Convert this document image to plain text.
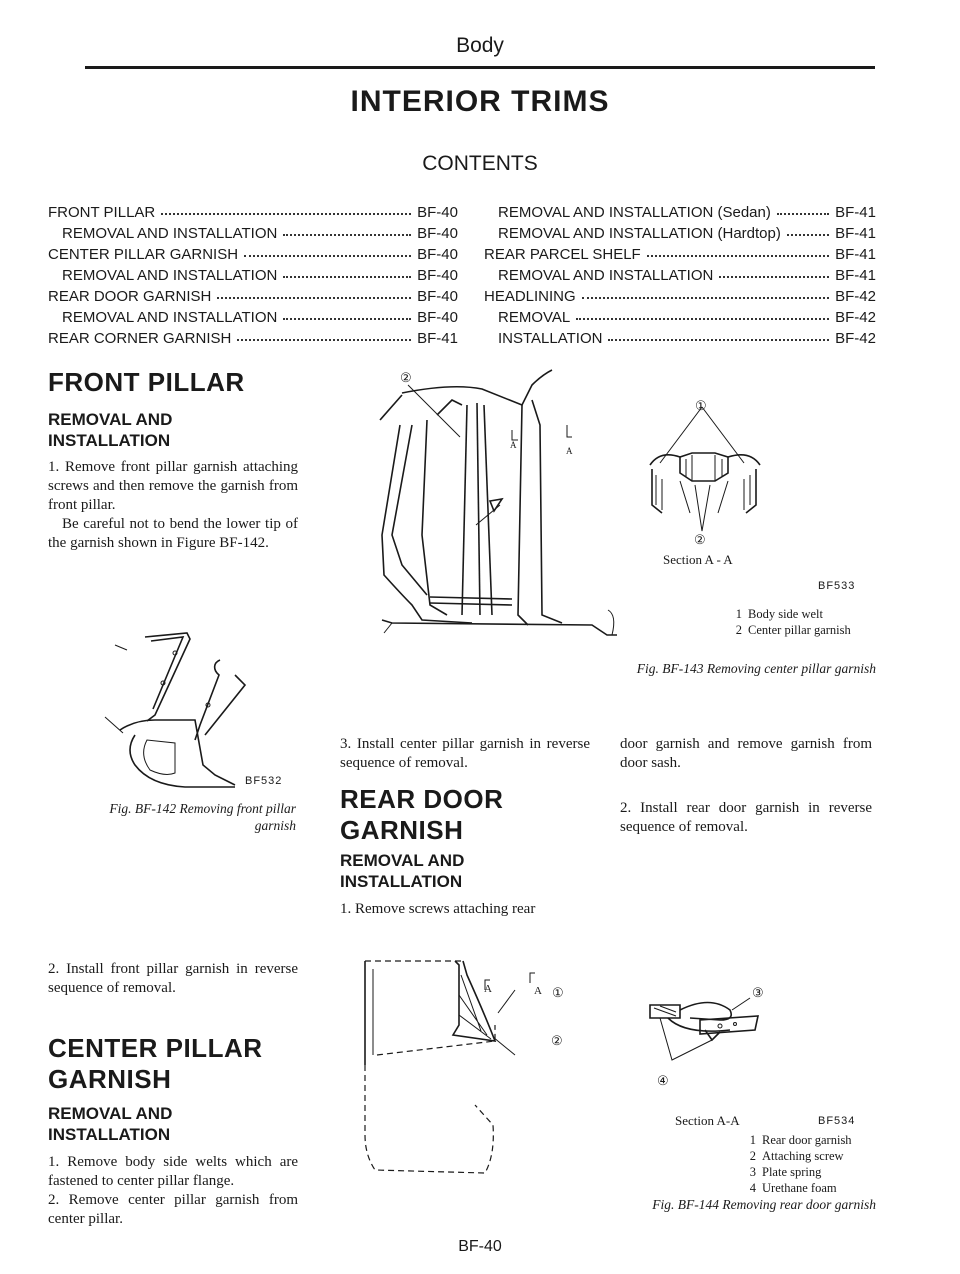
Body
INTERIOR TRIMS
CONTENTS
FRONT PILLAR	BF-40
REMOVAL AND INSTALLATION	BF-40
CENTER PILLAR GARNISH	BF-40
REMOVAL AND INSTALLATION	BF-40
REAR DOOR GARNISH	BF-40
REMOVAL AND INSTALLATION	BF-40
REAR CORNER GARNISH	BF-41
REMOVAL AND INSTALLATION (Sedan)	BF-41
REMOVAL AND INSTALLATION (Hardtop)	BF-41
REAR PARCEL SHELF	BF-41
REMOVAL AND INSTALLATION	BF-41
HEADLINING	BF-42
REMOVAL	BF-42
INSTALLATION	BF-42
FRONT PILLAR
REMOVAL AND
INSTALLATION

1. Remove front pillar garnish attaching screws and then remove the garnish from front pillar.

Be careful not to bend the lower tip of the garnish shown in Figure BF-142.

BF532
Fig. BF-142 Removing front pillar
garnish
2. Install front pillar garnish in reverse sequence of removal.
CENTER PILLAR
GARNISH
REMOVAL AND
INSTALLATION

1. Remove body side welts which are fastened to center pillar flange.

2. Remove center pillar garnish from center pillar.

②
A
A
①
②
Section A - A
BF533
1 Body side welt
2 Center pillar garnish
Fig. BF-143 Removing center pillar garnish
3. Install center pillar garnish in reverse sequence of removal.
REAR DOOR
GARNISH
REMOVAL AND
INSTALLATION
1. Remove screws attaching rear
door garnish and remove garnish from door sash.
2. Install rear door garnish in reverse sequence of removal.
A	A ①
②
③
④
Section A-A	BF534
1 Rear door garnish
2 Attaching screw
3 Plate spring
4 Urethane foam
Fig. BF-144 Removing rear door garnish
BF-40
